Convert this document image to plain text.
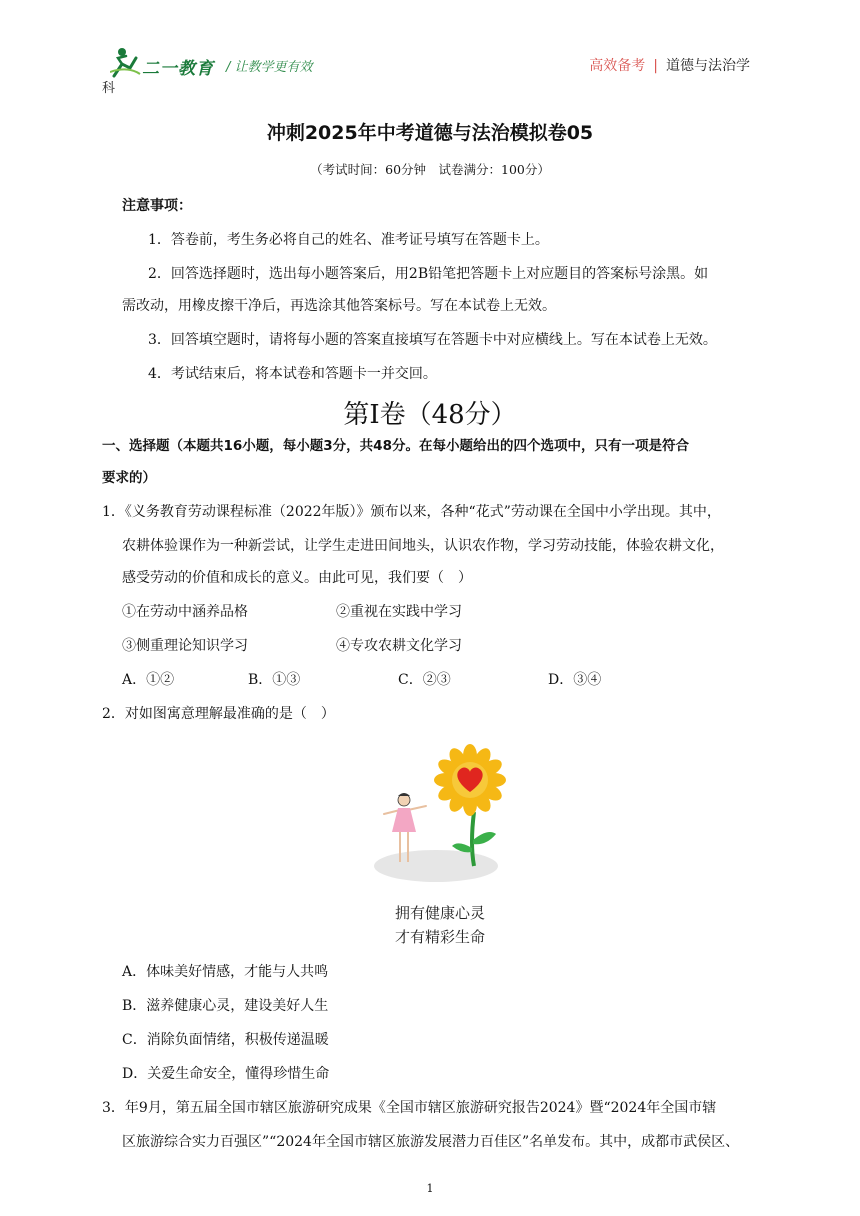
二一教育 / 让教学更有效	高效备考 | 道德与法治学
科
冲刺2025年中考道德与法治模拟卷05
（考试时间：60分钟　试卷满分：100分）
注意事项：
1．答卷前，考生务必将自己的姓名、准考证号填写在答题卡上。
2．回答选择题时，选出每小题答案后，用2B铅笔把答题卡上对应题目的答案标号涂黑。如
需改动，用橡皮擦干净后，再选涂其他答案标号。写在本试卷上无效。
3．回答填空题时，请将每小题的答案直接填写在答题卡中对应横线上。写在本试卷上无效。
4．考试结束后，将本试卷和答题卡一并交回。
第Ⅰ卷（48分）
一、选择题（本题共16小题，每小题3分，共48分。在每小题给出的四个选项中，只有一项是符合
要求的）
1．《义务教育劳动课程标准（2022年版）》颁布以来，各种“花式”劳动课在全国中小学出现。其中，
农耕体验课作为一种新尝试，让学生走进田间地头，认识农作物，学习劳动技能，体验农耕文化，
感受劳动的价值和成长的意义。由此可见，我们要（　）
①在劳动中涵养品格	②重视在实践中学习
③侧重理论知识学习	④专攻农耕文化学习
A．①②	B．①③	C．②③	D．③④
2．对如图寓意理解最准确的是（　）
拥有健康心灵
才有精彩生命
A．体味美好情感，才能与人共鸣
B．滋养健康心灵，建设美好人生
C．消除负面情绪，积极传递温暖
D．关爱生命安全，懂得珍惜生命
3．年9月，第五届全国市辖区旅游研究成果《全国市辖区旅游研究报告2024》暨“2024年全国市辖
区旅游综合实力百强区”“2024年全国市辖区旅游发展潜力百佳区”名单发布。其中，成都市武侯区、
1
